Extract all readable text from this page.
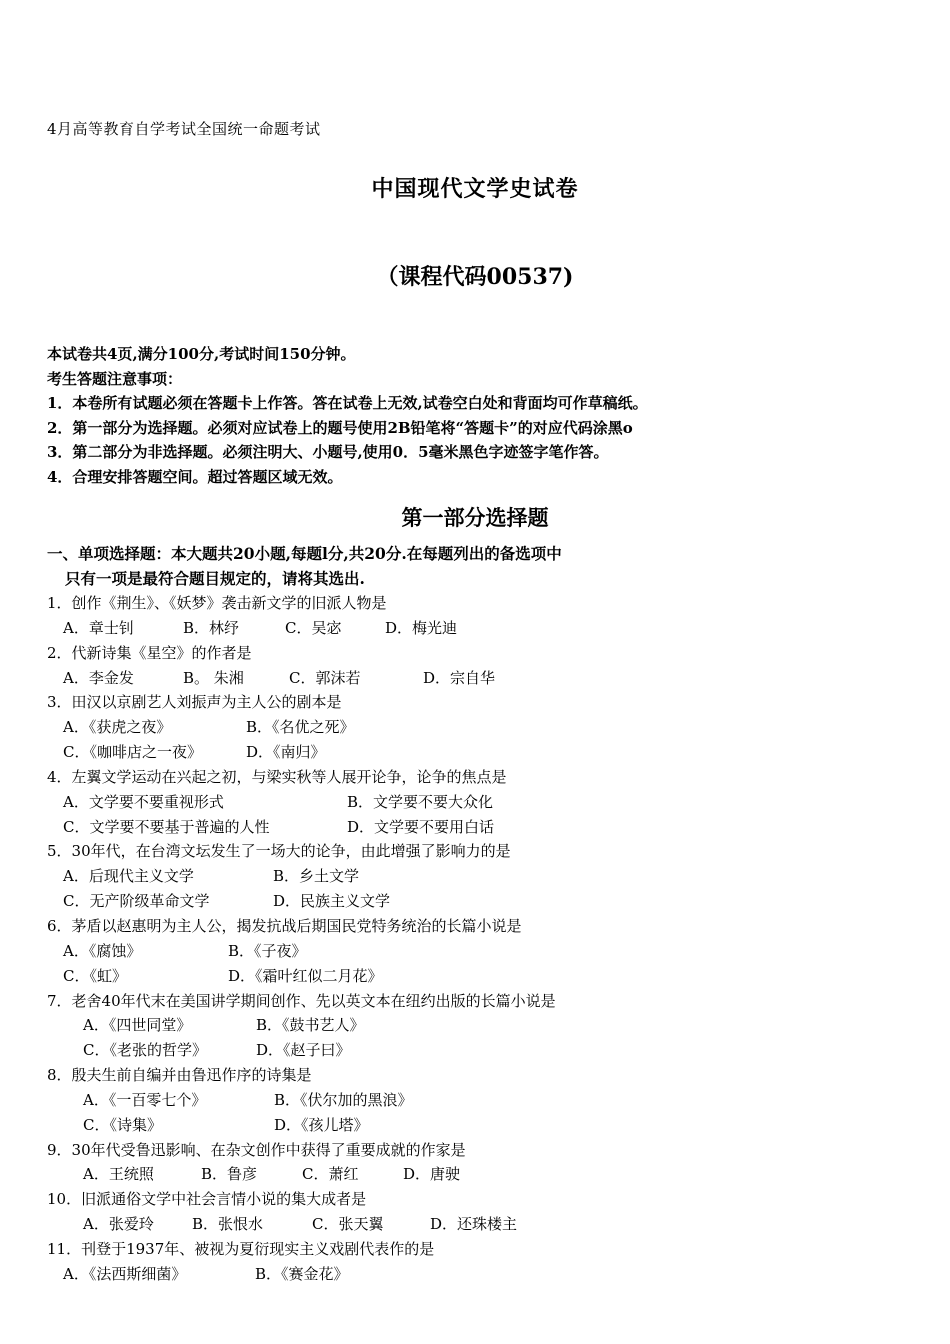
4月高等教育自学考试全国统一命题考试
中国现代文学史试卷
（课程代码00537)
本试卷共4页,满分100分,考试时间150分钟。
考生答题注意事项：
1．本卷所有试题必须在答题卡上作答。答在试卷上无效,试卷空白处和背面均可作草稿纸。
2．第一部分为选择题。必须对应试卷上的题号使用2B铅笔将“答题卡”的对应代码涂黑o
3．第二部分为非选择题。必须注明大、小题号,使用0．5毫米黑色字迹签字笔作答。
4．合理安排答题空间。超过答题区域无效。
第一部分选择题
一、单项选择题：本大题共20小题,每题l分,共20分.在每题列出的备选项中
只有一项是最符合题目规定的，请将其选出.
1．创作《荆生》、《妖梦》袭击新文学的旧派人物是
A．章士钊	B．林纾	C．吴宓	D．梅光迪
2．代新诗集《星空》的作者是
A．李金发	B。 朱湘	C．郭沫若	D．宗自华
3．田汉以京剧艺人刘振声为主人公的剧本是
A．《获虎之夜》	B．《名优之死》
C．《咖啡店之一夜》	D．《南归》
4．左翼文学运动在兴起之初，与梁实秋等人展开论争，论争的焦点是
A．文学要不要重视形式	B．文学要不要大众化
C．文学要不要基于普遍的人性	D．文学要不要用白话
5．30年代，在台湾文坛发生了一场大的论争，由此增强了影响力的是
A．后现代主义文学	B．乡土文学
C．无产阶级革命文学	D．民族主义文学
6．茅盾以赵惠明为主人公，揭发抗战后期国民党特务统治的长篇小说是
A．《腐蚀》	B．《子夜》
C．《虹》	D．《霜叶红似二月花》
7．老舍40年代末在美国讲学期间创作、先以英文本在纽约出版的长篇小说是
A．《四世同堂》	B．《鼓书艺人》
C．《老张的哲学》	D．《赵子曰》
8．殷夫生前自编并由鲁迅作序的诗集是
A．《一百零七个》	B．《伏尔加的黑浪》
C．《诗集》	D．《孩儿塔》
9．30年代受鲁迅影响、在杂文创作中获得了重要成就的作家是
A．王统照	B．鲁彦	C．萧红	D．唐驶
10．旧派通俗文学中社会言情小说的集大成者是
A．张爱玲	B．张恨水	C．张天翼	D．还珠楼主
11．刊登于1937年、被视为夏衍现实主义戏剧代表作的是
A．《法西斯细菌》	B．《赛金花》
